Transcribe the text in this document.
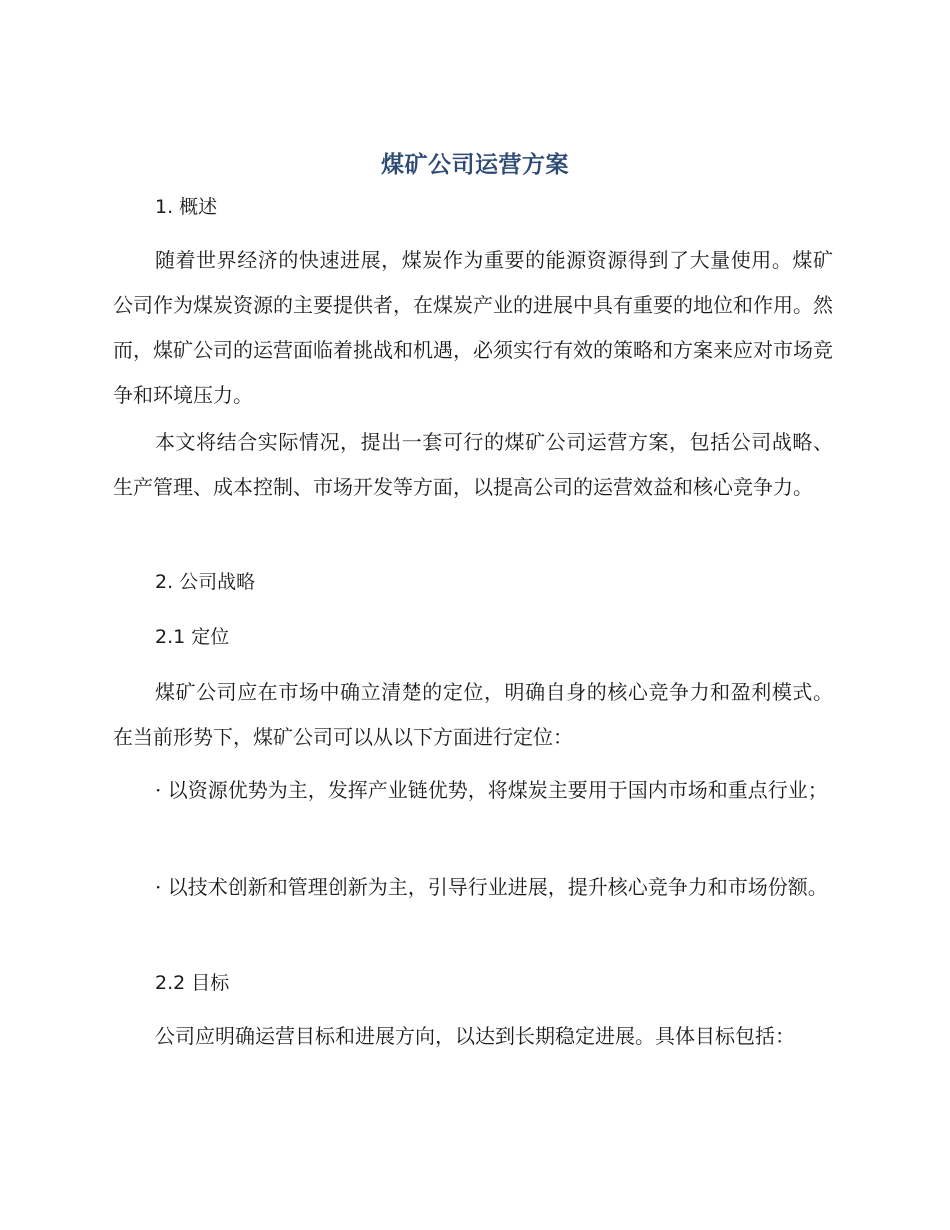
煤矿公司运营方案
1. 概述

随着世界经济的快速进展，煤炭作为重要的能源资源得到了大量使用。煤矿公司作为煤炭资源的主要提供者，在煤炭产业的进展中具有重要的地位和作用。然而，煤矿公司的运营面临着挑战和机遇，必须实行有效的策略和方案来应对市场竞争和环境压力。

本文将结合实际情况，提出一套可行的煤矿公司运营方案，包括公司战略、生产管理、成本控制、市场开发等方面，以提高公司的运营效益和核心竞争力。

2. 公司战略
2.1 定位

煤矿公司应在市场中确立清楚的定位，明确自身的核心竞争力和盈利模式。在当前形势下，煤矿公司可以从以下方面进行定位：

· 以资源优势为主，发挥产业链优势，将煤炭主要用于国内市场和重点行业；

· 以技术创新和管理创新为主，引导行业进展，提升核心竞争力和市场份额。

2.2 目标

公司应明确运营目标和进展方向，以达到长期稳定进展。具体目标包括：
